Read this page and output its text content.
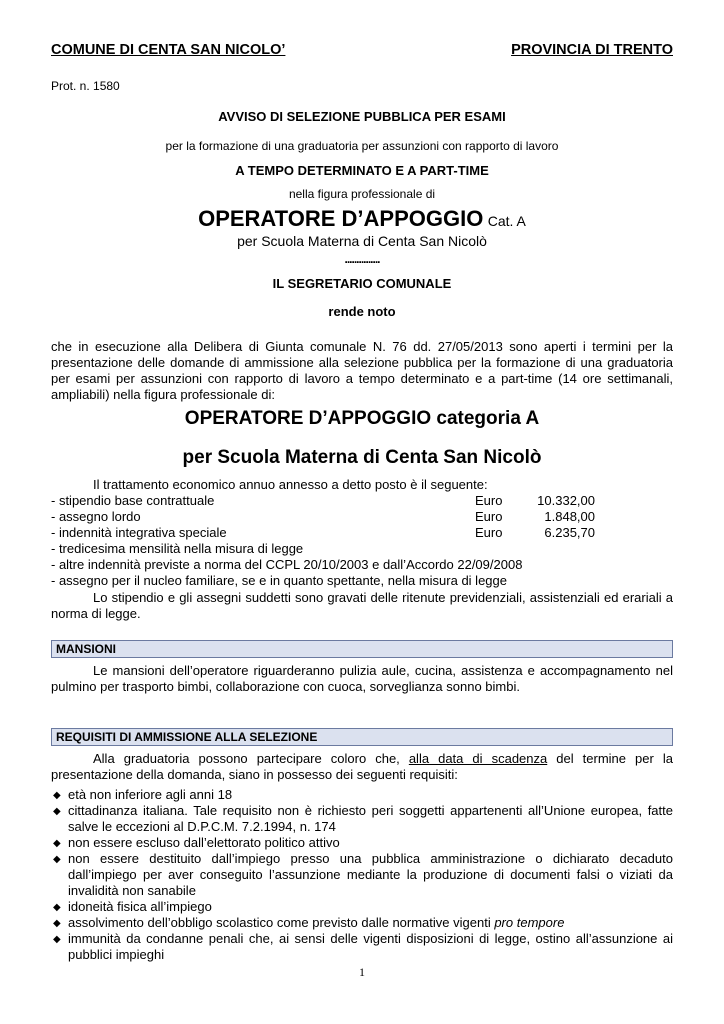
COMUNE DI CENTA SAN NICOLO’	PROVINCIA DI TRENTO
Prot. n. 1580
AVVISO DI SELEZIONE PUBBLICA PER ESAMI
per la formazione di una graduatoria per assunzioni con rapporto di lavoro
A TEMPO DETERMINATO E A PART-TIME
nella figura professionale di
OPERATORE D’APPOGGIO Cat. A
per Scuola Materna di Centa San Nicolò
...............
IL SEGRETARIO COMUNALE
rende noto
che in esecuzione alla Delibera di Giunta comunale N. 76 dd. 27/05/2013 sono aperti i termini per la presentazione delle domande di ammissione alla selezione pubblica per la formazione di una graduatoria per esami per assunzioni con rapporto di lavoro a tempo determinato e a part-time (14 ore settimanali, ampliabili) nella figura professionale di:
OPERATORE D’APPOGGIO categoria A
per Scuola Materna di Centa San Nicolò
Il trattamento economico annuo annesso a detto posto è il seguente:
- stipendio base contrattuale	Euro	10.332,00
- assegno lordo	Euro	1.848,00
- indennità integrativa speciale	Euro	6.235,70
- tredicesima mensilità nella misura di legge
- altre indennità previste a norma del CCPL 20/10/2003 e dall’Accordo 22/09/2008
- assegno per il nucleo familiare, se e in quanto spettante, nella misura di legge
Lo stipendio e gli assegni suddetti sono gravati delle ritenute previdenziali, assistenziali ed erariali a norma di legge.
MANSIONI
Le mansioni dell’operatore riguarderanno pulizia aule, cucina, assistenza e accompagnamento nel pulmino per trasporto bimbi, collaborazione con cuoca, sorveglianza sonno bimbi.
REQUISITI DI AMMISSIONE ALLA SELEZIONE
Alla graduatoria possono partecipare coloro che, alla data di scadenza del termine per la presentazione della domanda, siano in possesso dei seguenti requisiti:
◆ età non inferiore agli anni 18
◆ cittadinanza italiana. Tale requisito non è richiesto peri soggetti appartenenti all’Unione europea, fatte salve le eccezioni al D.P.C.M. 7.2.1994, n. 174
◆ non essere escluso dall’elettorato politico attivo
◆ non essere destituito dall’impiego presso una pubblica amministrazione o dichiarato decaduto dall’impiego per aver conseguito l’assunzione mediante la produzione di documenti falsi o viziati da invalidità non sanabile
◆ idoneità fisica all’impiego
◆ assolvimento dell’obbligo scolastico come previsto dalle normative vigenti pro tempore
◆ immunità da condanne penali che, ai sensi delle vigenti disposizioni di legge, ostino all’assunzione ai pubblici impieghi
1
